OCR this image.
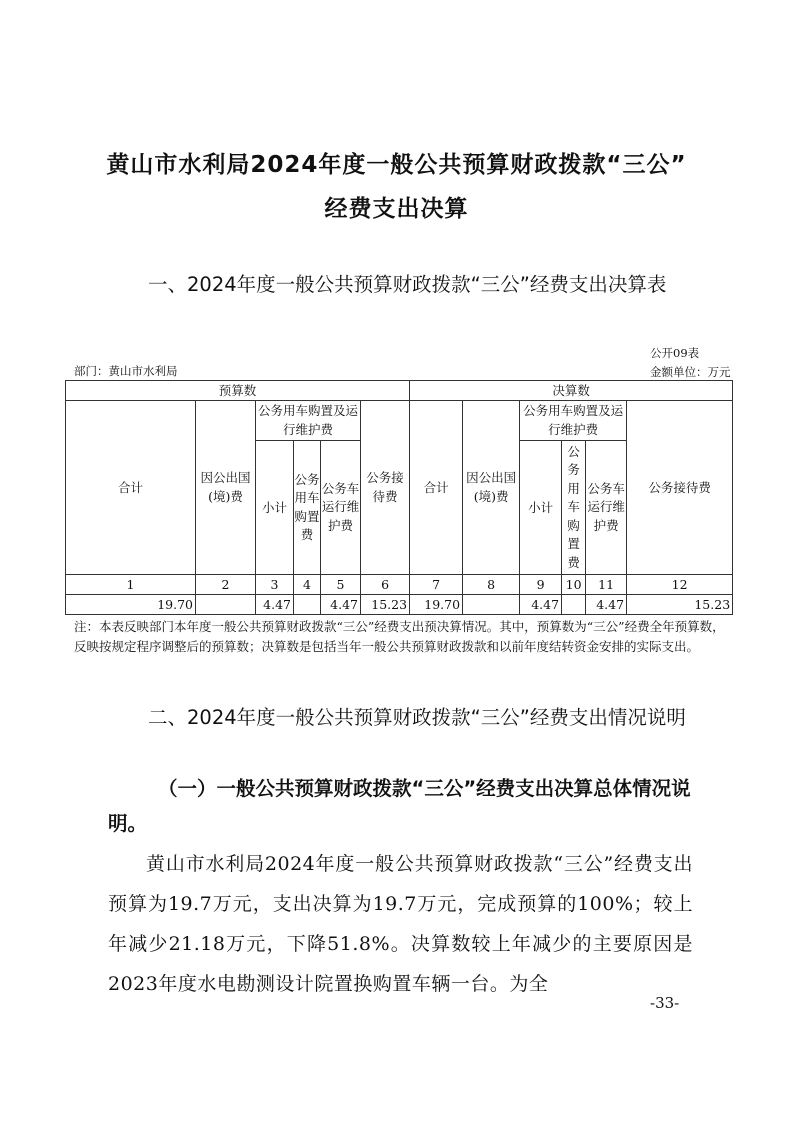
黄山市水利局2024年度一般公共预算财政拨款“三公”
经费支出决算
一、2024年度一般公共预算财政拨款“三公”经费支出决算表
公开09表
部门：黄山市水利局	金额单位：万元
预算数						决算数					
合计	因公出国(境)费	公务用车购置及运行维护费			公务接待费	合计	因公出国(境)费	公务用车购置及运行维护费			公务接待费
		小计	公务用车购置费	公务车运行维护费				小计	公务用车购置费	公务车运行维护费	

1	2	3	4	5	6	7	8	9	10	11	12
19.70		4.47		4.47	15.23	19.70		4.47		4.47	15.23
注：本表反映部门本年度一般公共预算财政拨款“三公”经费支出预决算情况。其中，预算数为“三公”经费全年预算数，反映按规定程序调整后的预算数；决算数是包括当年一般公共预算财政拨款和以前年度结转资金安排的实际支出。
二、2024年度一般公共预算财政拨款“三公”经费支出情况说明
（一）一般公共预算财政拨款“三公”经费支出决算总体情况说明。
黄山市水利局2024年度一般公共预算财政拨款“三公”经费支出预算为19.7万元，支出决算为19.7万元，完成预算的100%；较上年减少21.18万元，下降51.8%。决算数较上年减少的主要原因是2023年度水电勘测设计院置换购置车辆一台。为全
-33-
